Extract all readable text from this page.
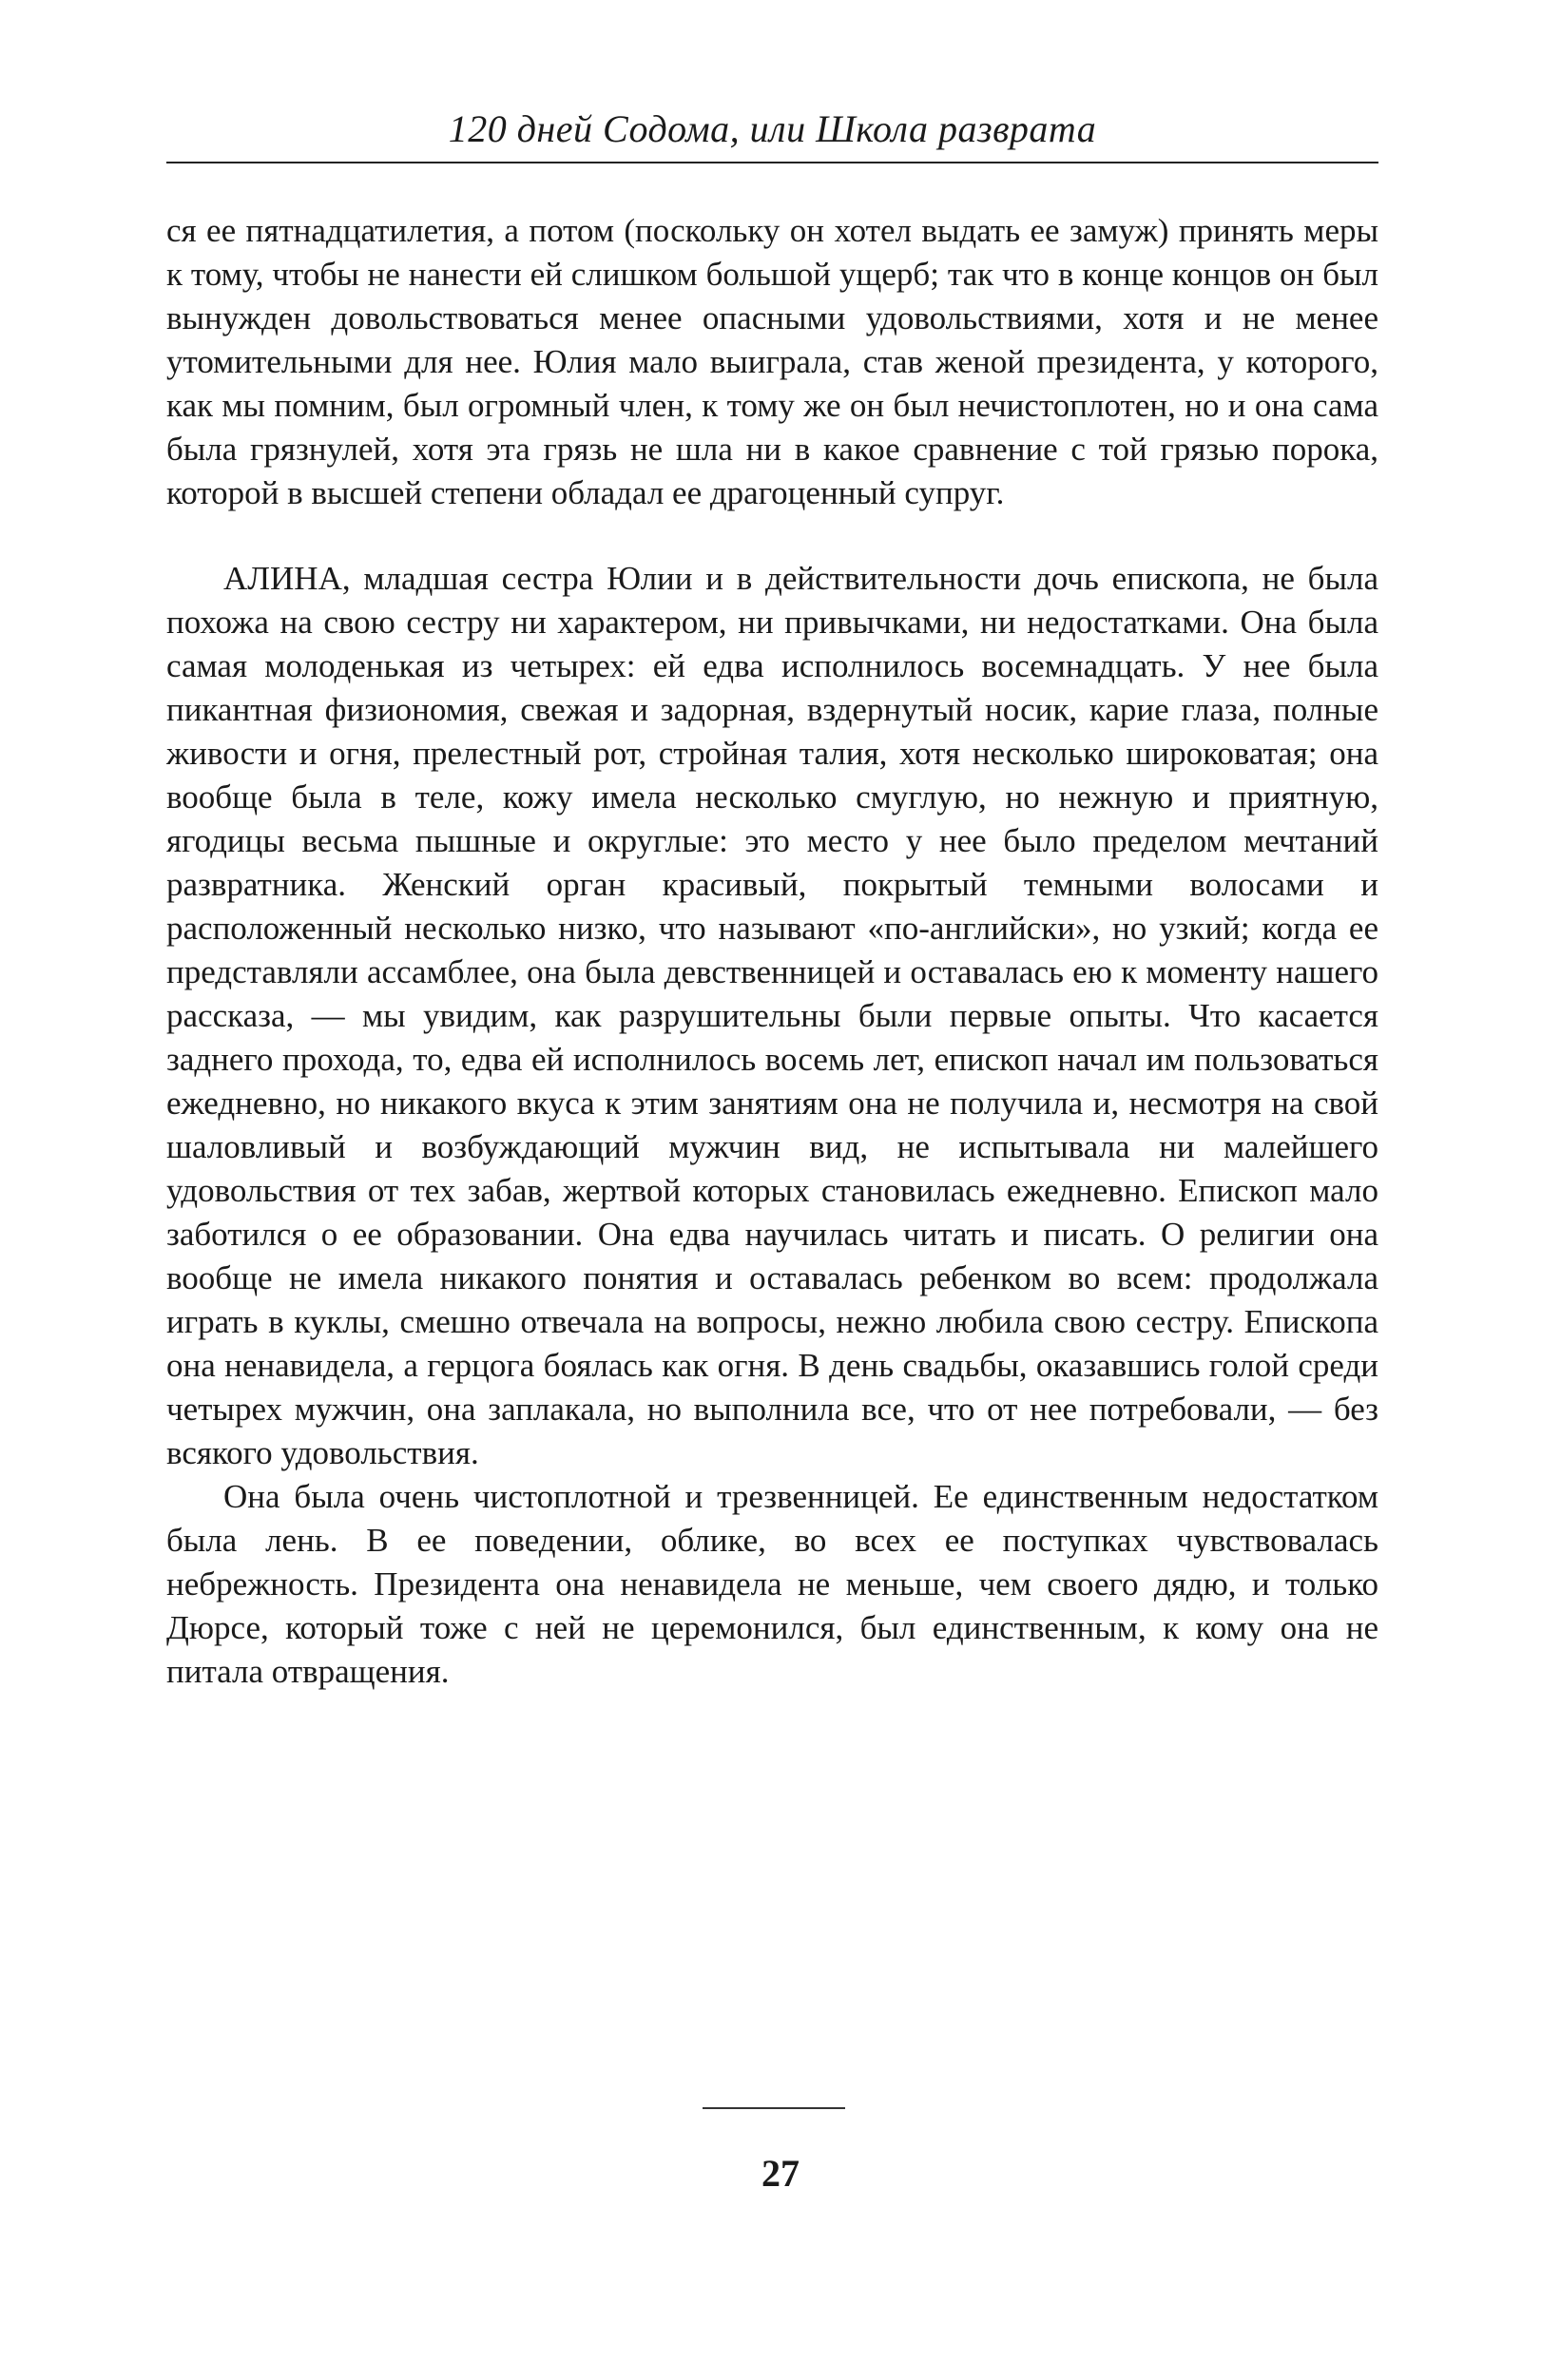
120 дней Содома, или Школа разврата

ся ее пятнадцатилетия, а потом (поскольку он хотел выдать ее замуж) принять меры к тому, чтобы не нанести ей слишком большой ущерб; так что в конце концов он был вынужден довольствоваться менее опасными удовольствиями, хотя и не менее утомительными для нее. Юлия мало выиграла, став женой президента, у которого, как мы помним, был огромный член, к тому же он был нечистоплотен, но и она сама была грязнулей, хотя эта грязь не шла ни в какое сравнение с той грязью порока, которой в высшей степени обладал ее драгоценный супруг.

АЛИНА, младшая сестра Юлии и в действительности дочь епископа, не была похожа на свою сестру ни характером, ни привычками, ни недостатками. Она была самая молоденькая из четырех: ей едва исполнилось восемнадцать. У нее была пикантная физиономия, свежая и задорная, вздернутый носик, карие глаза, полные живости и огня, прелестный рот, стройная талия, хотя несколько широковатая; она вообще была в теле, кожу имела несколько смуглую, но нежную и приятную, ягодицы весьма пышные и округлые: это место у нее было пределом мечтаний развратника. Женский орган красивый, покрытый темными волосами и расположенный несколько низко, что называют «по-английски», но узкий; когда ее представляли ассамблее, она была девственницей и оставалась ею к моменту нашего рассказа, — мы увидим, как разрушительны были первые опыты. Что касается заднего прохода, то, едва ей исполнилось восемь лет, епископ начал им пользоваться ежедневно, но никакого вкуса к этим занятиям она не получила и, несмотря на свой шаловливый и возбуждающий мужчин вид, не испытывала ни малейшего удовольствия от тех забав, жертвой которых становилась ежедневно. Епископ мало заботился о ее образовании. Она едва научилась читать и писать. О религии она вообще не имела никакого понятия и оставалась ребенком во всем: продолжала играть в куклы, смешно отвечала на вопросы, нежно любила свою сестру. Епископа она ненавидела, а герцога боялась как огня. В день свадьбы, оказавшись голой среди четырех мужчин, она заплакала, но выполнила все, что от нее потребовали, — без всякого удовольствия.

Она была очень чистоплотной и трезвенницей. Ее единственным недостатком была лень. В ее поведении, облике, во всех ее поступках чувствовалась небрежность. Президента она ненавидела не меньше, чем своего дядю, и только Дюрсе, который тоже с ней не церемонился, был единственным, к кому она не питала отвращения.

27
